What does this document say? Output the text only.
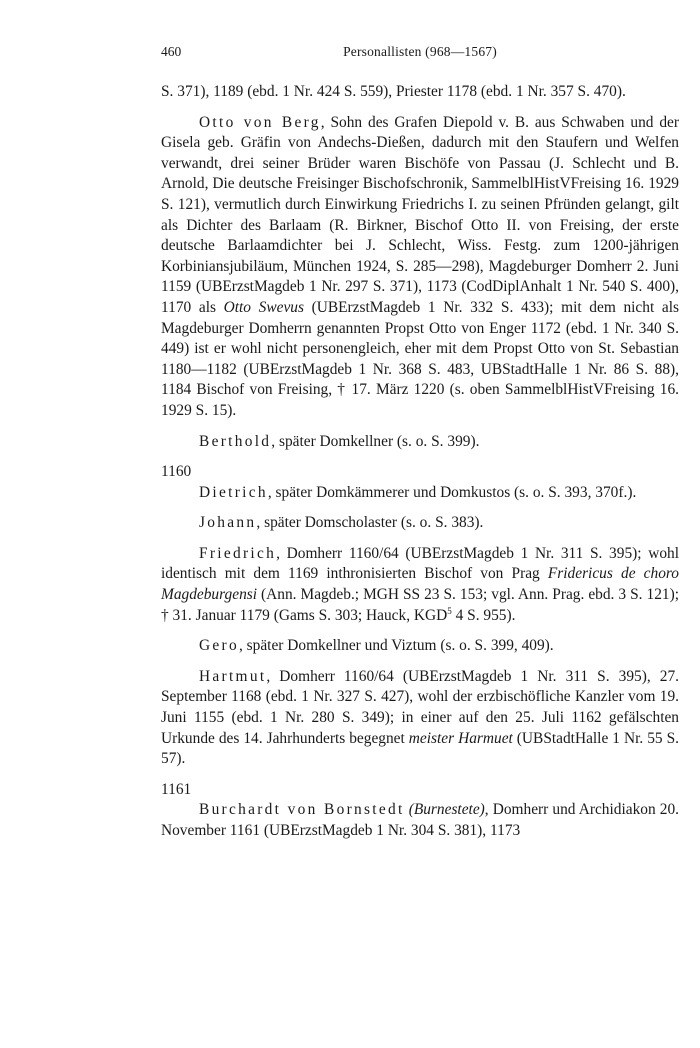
460	Personallisten (968—1567)

S. 371), 1189 (ebd. 1 Nr. 424 S. 559), Priester 1178 (ebd. 1 Nr. 357 S. 470).

Otto von Berg, Sohn des Grafen Diepold v. B. aus Schwaben und der Gisela geb. Gräfin von Andechs-Dießen, dadurch mit den Staufern und Welfen verwandt, drei seiner Brüder waren Bischöfe von Passau (J. Schlecht und B. Arnold, Die deutsche Freisinger Bischofschronik, SammelblHistVFreising 16. 1929 S. 121), vermutlich durch Einwirkung Friedrichs I. zu seinen Pfründen gelangt, gilt als Dichter des Barlaam (R. Birkner, Bischof Otto II. von Freising, der erste deutsche Barlaamdichter bei J. Schlecht, Wiss. Festg. zum 1200-jährigen Korbiniansjubiläum, München 1924, S. 285—298), Magdeburger Domherr 2. Juni 1159 (UBErzstMagdeb 1 Nr. 297 S. 371), 1173 (CodDiplAnhalt 1 Nr. 540 S. 400), 1170 als Otto Swevus (UBErzstMagdeb 1 Nr. 332 S. 433); mit dem nicht als Magdeburger Domherrn genannten Propst Otto von Enger 1172 (ebd. 1 Nr. 340 S. 449) ist er wohl nicht personengleich, eher mit dem Propst Otto von St. Sebastian 1180—1182 (UBErzstMagdeb 1 Nr. 368 S. 483, UBStadtHalle 1 Nr. 86 S. 88), 1184 Bischof von Freising, † 17. März 1220 (s. oben SammelblHistVFreising 16. 1929 S. 15).

Berthold, später Domkellner (s. o. S. 399).

1160

Dietrich, später Domkämmerer und Domkustos (s. o. S. 393, 370f.).

Johann, später Domscholaster (s. o. S. 383).

Friedrich, Domherr 1160/64 (UBErzstMagdeb 1 Nr. 311 S. 395); wohl identisch mit dem 1169 inthronisierten Bischof von Prag Fridericus de choro Magdeburgensi (Ann. Magdeb.; MGH SS 23 S. 153; vgl. Ann. Prag. ebd. 3 S. 121); † 31. Januar 1179 (Gams S. 303; Hauck, KGD$^5$ 4 S. 955).

Gero, später Domkellner und Viztum (s. o. S. 399, 409).

Hartmut, Domherr 1160/64 (UBErzstMagdeb 1 Nr. 311 S. 395), 27. September 1168 (ebd. 1 Nr. 327 S. 427), wohl der erzbischöfliche Kanzler vom 19. Juni 1155 (ebd. 1 Nr. 280 S. 349); in einer auf den 25. Juli 1162 gefälschten Urkunde des 14. Jahrhunderts begegnet meister Harmuet (UBStadtHalle 1 Nr. 55 S. 57).

1161

Burchardt von Bornstedt (Burnestete), Domherr und Archidiakon 20. November 1161 (UBErzstMagdeb 1 Nr. 304 S. 381), 1173
